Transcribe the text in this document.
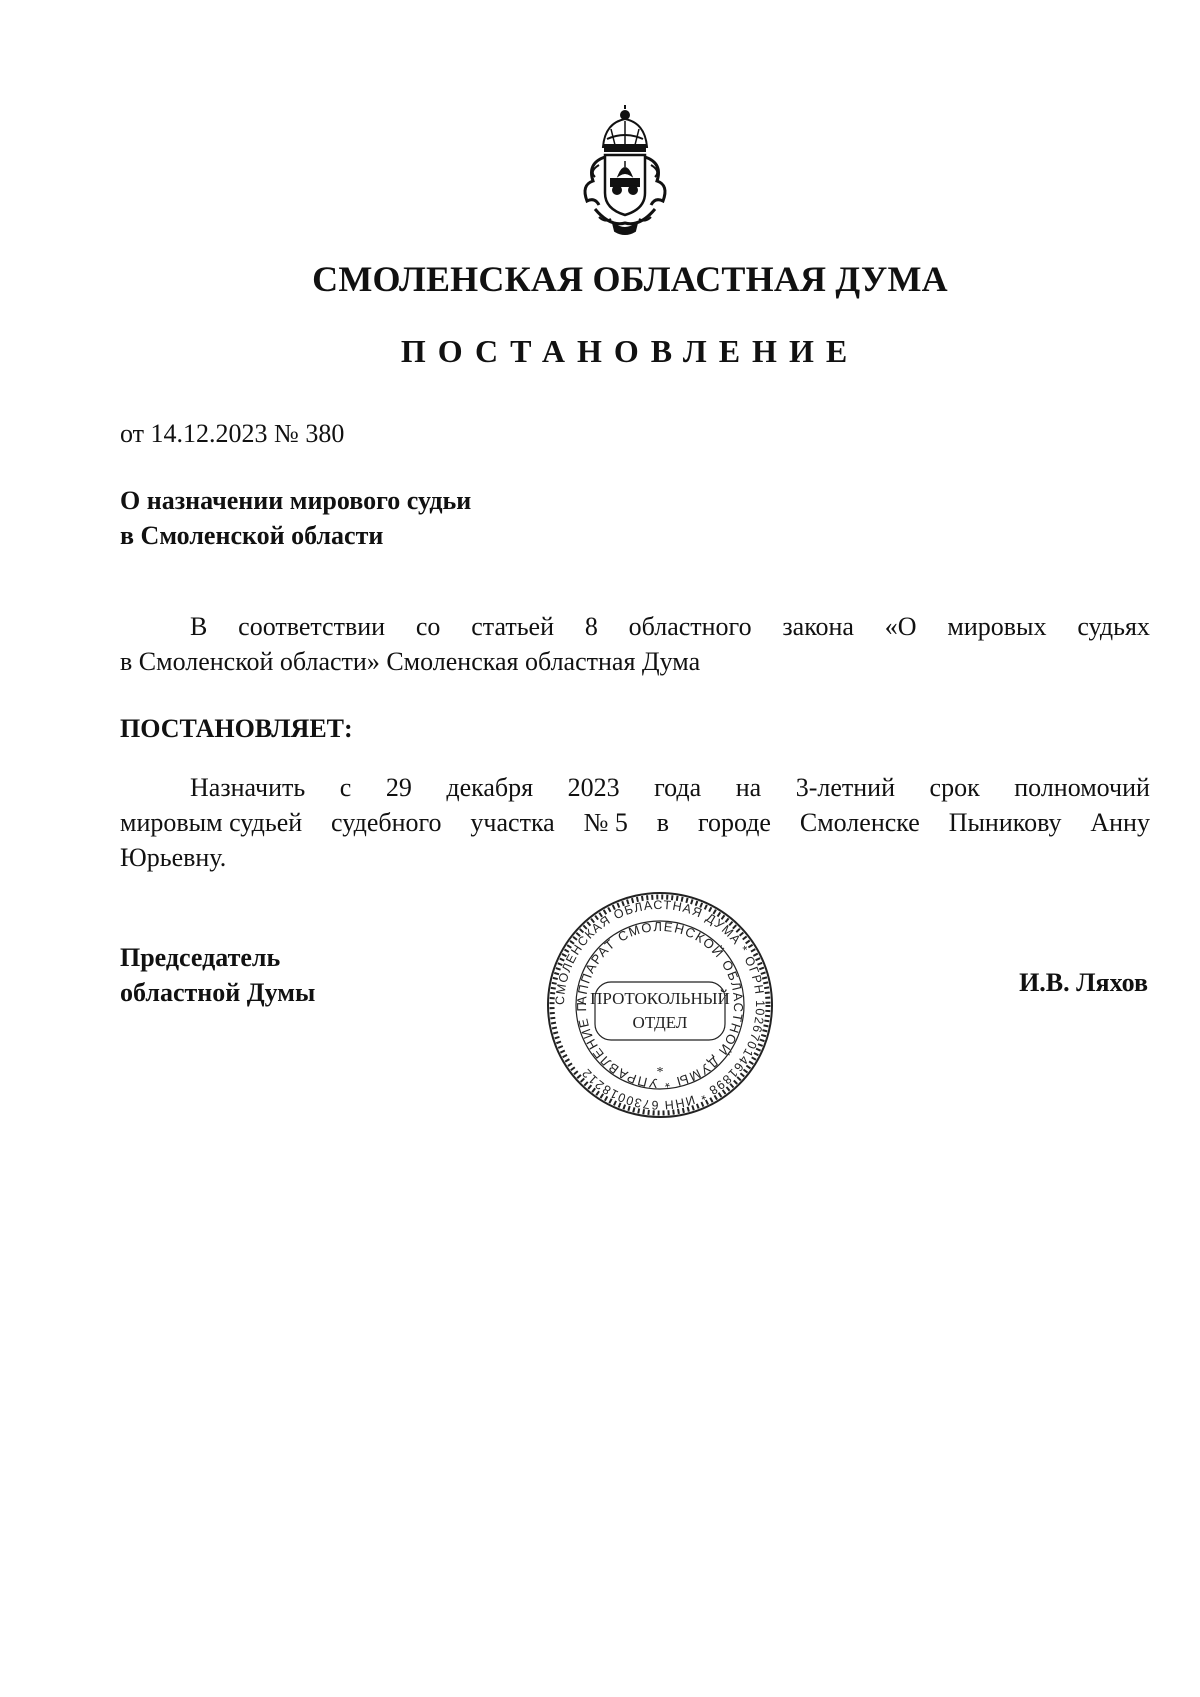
СМОЛЕНСКАЯ ОБЛАСТНАЯ ДУМА
ПОСТАНОВЛЕНИЕ
от 14.12.2023 № 380
О назначении мирового судьи
в Смоленской области
В соответствии со статьей 8 областного закона «О мировых судьях
в Смоленской области» Смоленская областная Дума
ПОСТАНОВЛЯЕТ:
Назначить с 29 декабря 2023 года на 3-летний срок полномочий
мировым судьей судебного участка № 5 в городе Смоленске Пыникову Анну
Юрьевну.
Председатель
областной Думы	И.В. Ляхов
СМОЛЕНСКАЯ ОБЛАСТНАЯ ДУМА * ОГРН 1026701461898 * ИНН 6730018212
АППАРАТ СМОЛЕНСКОЙ ОБЛАСТНОЙ ДУМЫ * УПРАВЛЕНИЕ П
*
ПРОТОКОЛЬНЫЙ
ОТДЕЛ
